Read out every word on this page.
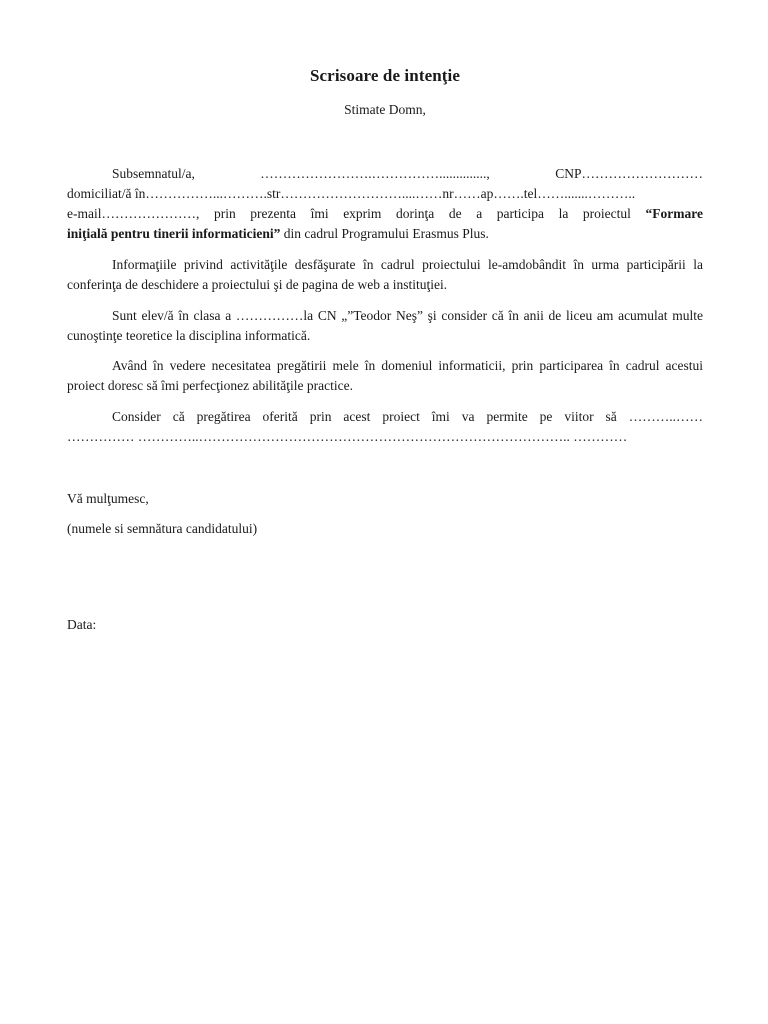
Scrisoare de intenţie
Stimate Domn,
Subsemnatul/a,	…………………….……………..............,	CNP………………………
domiciliat/ă în……………...……….str………………………....……nr……ap…….tel…….......………..
e-mail…………………, prin prezenta îmi exprim dorinţa de a participa la proiectul “Formare
iniţială pentru tinerii informaticieni” din cadrul Programului Erasmus Plus.

Informaţiile privind activităţile desfăşurate în cadrul proiectului le-amdobândit în urma participării la conferinţa de deschidere a proiectului şi de pagina de web a instituţiei.

Sunt elev/ă în clasa a ……………la CN „”Teodor Neş” şi consider că în anii de liceu am acumulat multe cunoştinţe teoretice la disciplina informatică.

Având în vedere necesitatea pregătirii mele în domeniul informaticii, prin participarea în cadrul acestui proiect doresc să îmi perfecţionez abilităţile practice.

Consider că pregătirea oferită prin acest proiect îmi va permite pe viitor să ………..……
…………… …………..……………………………………………………………………….. …………
Vă mulţumesc,
(numele si semnătura candidatului)
Data:
